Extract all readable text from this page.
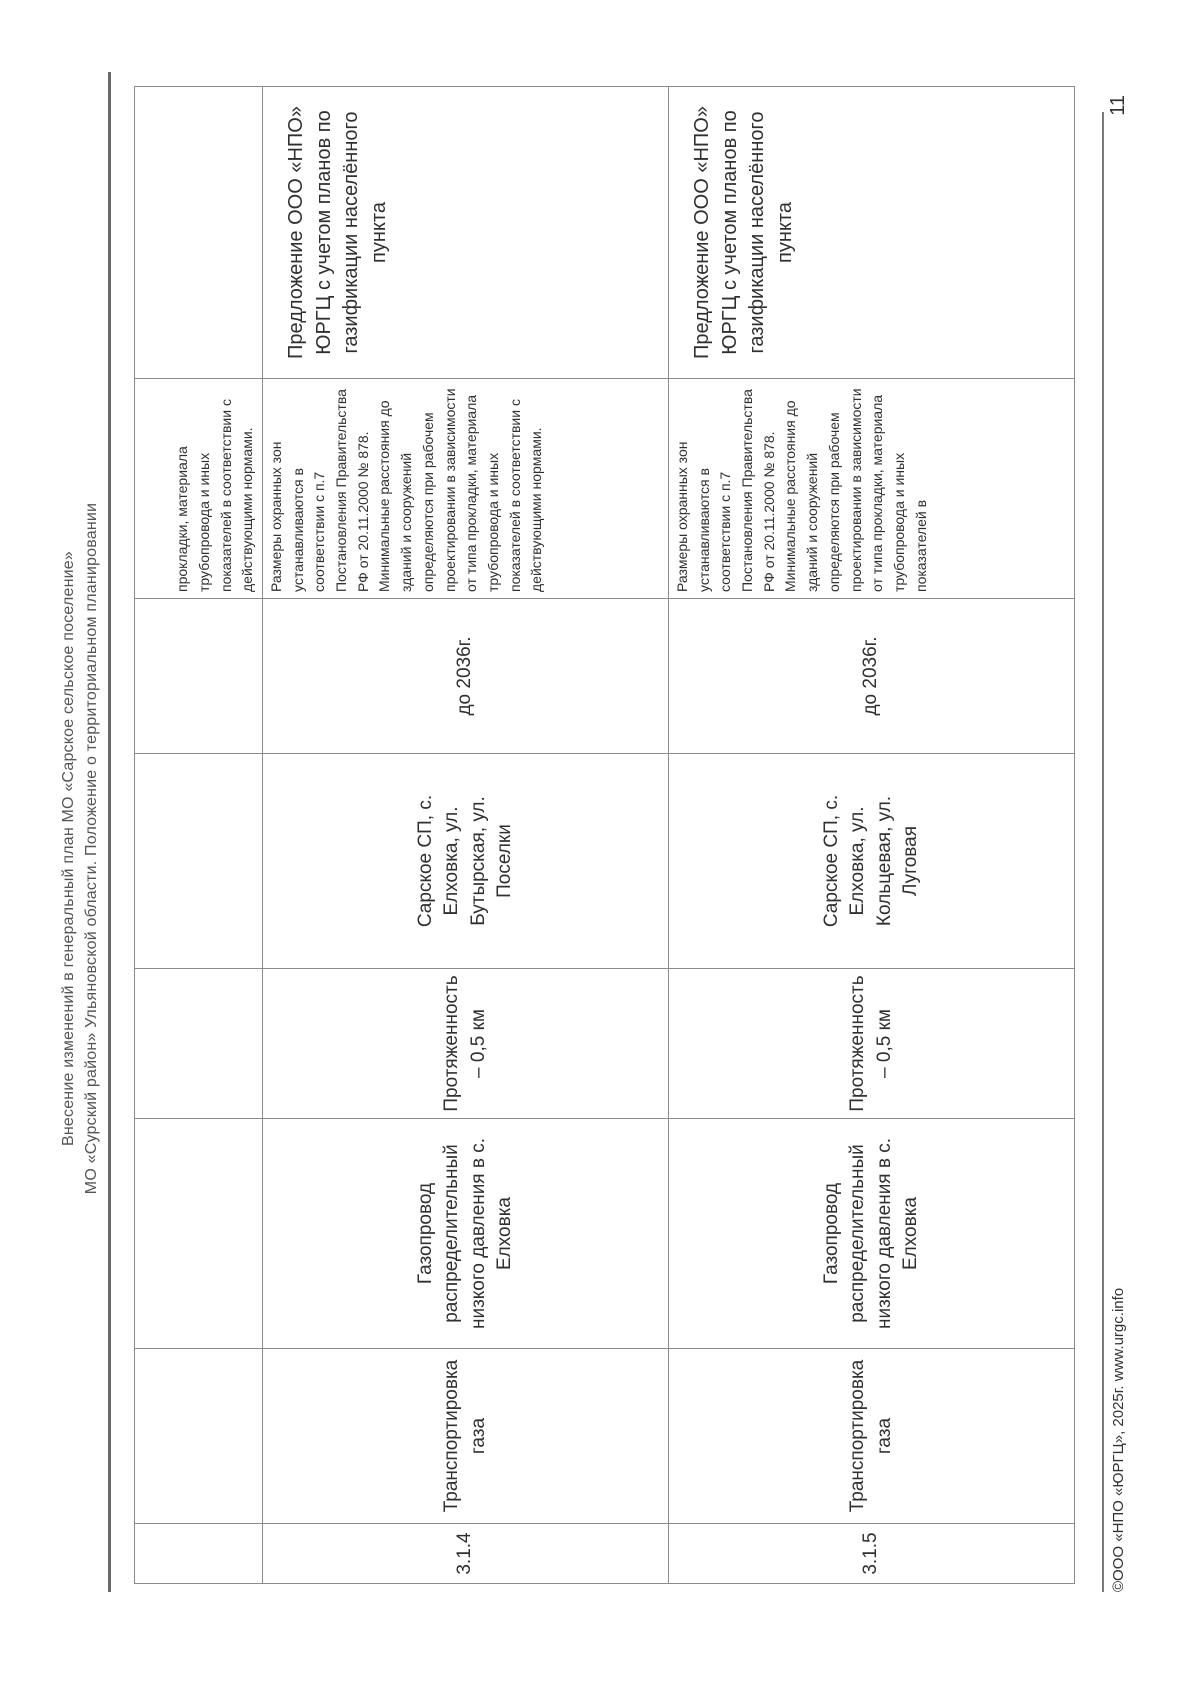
Внесение изменений в генеральный план МО «Сарское сельское поселение» МО «Сурский район» Ульяновской области. Положение о территориальном планировании
							прокладки, материала трубопровода и иных показателей в соответствии с действующими нормами.	
3.1.4	Транспортировка газа	Газопровод распределительный низкого давления в с. Елховка	Протяженность – 0,5 км	Сарское СП, с. Елховка, ул. Бутырская, ул. Поселки	до 2036г.	Размеры охранных зон устанавливаются в соответствии с п.7 Постановления Правительства РФ от 20.11.2000 № 878. Минимальные расстояния до зданий и сооружений определяются при рабочем проектировании в зависимости от типа прокладки, материала трубопровода и иных показателей в соответствии с действующими нормами.	Предложение ООО «НПО» ЮРГЦ с учетом планов по газификации населённого пункта
3.1.5	Транспортировка газа	Газопровод распределительный низкого давления в с. Елховка	Протяженность – 0,5 км	Сарское СП, с. Елховка, ул. Кольцевая, ул. Луговая	до 2036г.	Размеры охранных зон устанавливаются в соответствии с п.7 Постановления Правительства РФ от 20.11.2000 № 878. Минимальные расстояния до зданий и сооружений определяются при рабочем проектировании в зависимости от типа прокладки, материала трубопровода и иных показателей в	Предложение ООО «НПО» ЮРГЦ с учетом планов по газификации населённого пункта
©ООО «НПО «ЮРГЦ», 2025г. www.urgc.info
11
